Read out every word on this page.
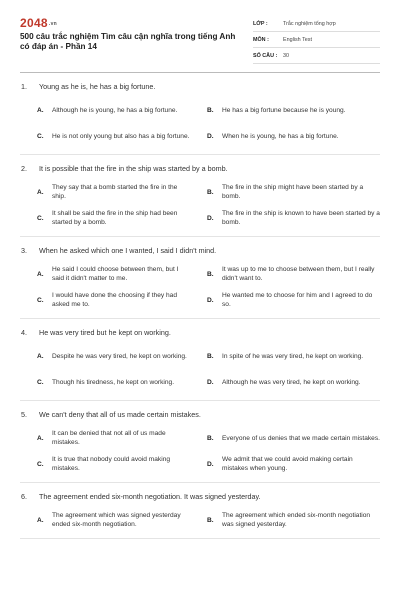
2048.vn
500 câu trắc nghiệm Tìm câu cận nghĩa trong tiếng Anh có đáp án - Phần 14
LỚP :	Trắc nghiệm tổng hợp
MÔN :	English Test
SỐ CÂU :	30
1.	Young as he is, he has a big fortune.
A.	Although he is young, he has a big fortune.	B.	He has a big fortune because he is young.
C.	He is not only young but also has a big fortune.	D.	When he is young, he has a big fortune.
2.	It is possible that the fire in the ship was started by a bomb.
A.
They say that a bomb started the fire in the ship.
B.
The fire in the ship might have been started by a bomb.
C.
It shall be said the fire in the ship had been started by a bomb.
D.
The fire in the ship is known to have been started by a bomb.
3.	When he asked which one I wanted, I said I didn't mind.
A.
He said I could choose between them, but I said it didn't matter to me.
B.
It was up to me to choose between them, but I really didn't want to.
C.
I would have done the choosing if they had asked me to.
D.
He wanted me to choose for him and I agreed to do so.
4.	He was very tired but he kept on working.
A.	Despite he was very tired, he kept on working.	B.	In spite of he was very tired, he kept on working.
C.	Though his tiredness, he kept on working.	D.	Although he was very tired, he kept on working.
5.	We can't deny that all of us made certain mistakes.
A.
It can be denied that not all of us made mistakes.
B.	Everyone of us denies that we made certain mistakes.
C.
It is true that nobody could avoid making mistakes.
D.
We admit that we could avoid making certain mistakes when young.
6.	The agreement ended six-month negotiation. It was signed yesterday.
A.
The agreement which was signed yesterday ended six-month negotiation.
B.
The agreement which ended six-month negotiation was signed yesterday.
